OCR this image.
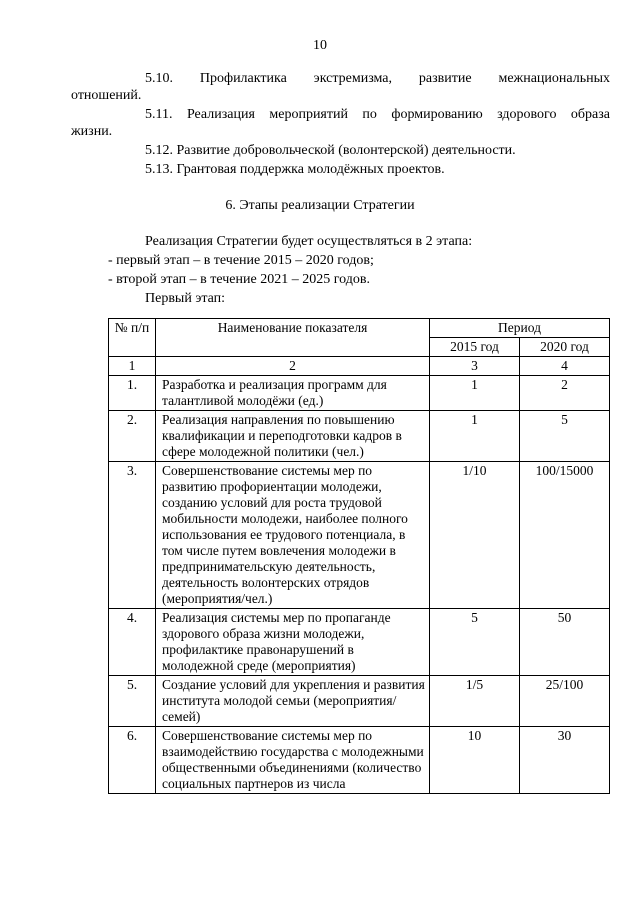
10
5.10. Профилактика экстремизма, развитие межнациональных
отношений.
5.11. Реализация мероприятий по формированию здорового образа
жизни.
5.12. Развитие добровольческой (волонтерской) деятельности.
5.13. Грантовая поддержка молодёжных проектов.
6. Этапы реализации Стратегии
Реализация Стратегии будет осуществляться в 2 этапа:
- первый этап – в течение 2015 – 2020 годов;
- второй этап – в течение 2021 – 2025 годов.
Первый этап:
№ п/п	Наименование показателя	Период	
		2015 год	2020 год
1	2	3	4
1.	Разработка и реализация программ для талантливой молодёжи (ед.)	1	2
2.	Реализация направления по повышению квалификации и переподготовки кадров в сфере молодежной политики (чел.)	1	5
3.	Совершенствование системы мер по развитию профориентации молодежи, созданию условий для роста трудовой мобильности молодежи, наиболее полного использования ее трудового потенциала, в том числе путем вовлечения молодежи в предпринимательскую деятельность, деятельность волонтерских отрядов (мероприятия/чел.)	1/10	100/15000
4.	Реализация системы мер по пропаганде здорового образа жизни молодежи, профилактике правонарушений в молодежной среде (мероприятия)	5	50
5.	Создание условий для укрепления и развития института молодой семьи (мероприятия/семей)	1/5	25/100
6.	Совершенствование системы мер по взаимодействию государства с молодежными общественными объединениями (количество социальных партнеров из числа	10	30
